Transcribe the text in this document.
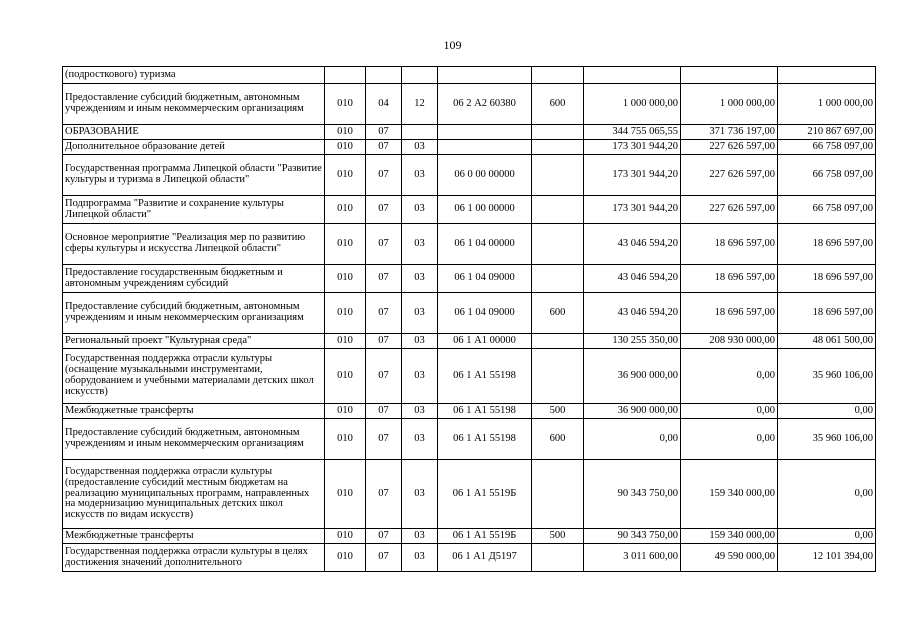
109
(подросткового) туризма								
Предоставление субсидий бюджетным, автономным учреждениям и иным некоммерческим организациям	010	04	12	06 2 А2 60380	600	1 000 000,00	1 000 000,00	1 000 000,00
ОБРАЗОВАНИЕ	010	07				344 755 065,55	371 736 197,00	210 867 697,00
Дополнительное образование детей	010	07	03			173 301 944,20	227 626 597,00	66 758 097,00
Государственная программа Липецкой области "Развитие культуры и туризма в Липецкой области"	010	07	03	06 0 00 00000		173 301 944,20	227 626 597,00	66 758 097,00
Подпрограмма "Развитие и сохранение культуры Липецкой области"	010	07	03	06 1 00 00000		173 301 944,20	227 626 597,00	66 758 097,00
Основное мероприятие "Реализация мер по развитию сферы культуры и искусства Липецкой области"	010	07	03	06 1 04 00000		43 046 594,20	18 696 597,00	18 696 597,00
Предоставление государственным бюджетным и автономным учреждениям субсидий	010	07	03	06 1 04 09000		43 046 594,20	18 696 597,00	18 696 597,00
Предоставление субсидий бюджетным, автономным учреждениям и иным некоммерческим организациям	010	07	03	06 1 04 09000	600	43 046 594,20	18 696 597,00	18 696 597,00
Региональный проект "Культурная среда"	010	07	03	06 1 А1 00000		130 255 350,00	208 930 000,00	48 061 500,00
Государственная поддержка отрасли культуры (оснащение музыкальными инструментами, оборудованием и учебными материалами детских школ искусств)	010	07	03	06 1 А1 55198		36 900 000,00	0,00	35 960 106,00
Межбюджетные трансферты	010	07	03	06 1 А1 55198	500	36 900 000,00	0,00	0,00
Предоставление субсидий бюджетным, автономным учреждениям и иным некоммерческим организациям	010	07	03	06 1 А1 55198	600	0,00	0,00	35 960 106,00
Государственная поддержка отрасли культуры (предоставление субсидий местным бюджетам на реализацию муниципальных программ, направленных на модернизацию муниципальных детских школ искусств по видам искусств)	010	07	03	06 1 А1 5519Б		90 343 750,00	159 340 000,00	0,00
Межбюджетные трансферты	010	07	03	06 1 А1 5519Б	500	90 343 750,00	159 340 000,00	0,00
Государственная поддержка отрасли культуры в целях достижения значений дополнительного	010	07	03	06 1 А1 Д5197		3 011 600,00	49 590 000,00	12 101 394,00
